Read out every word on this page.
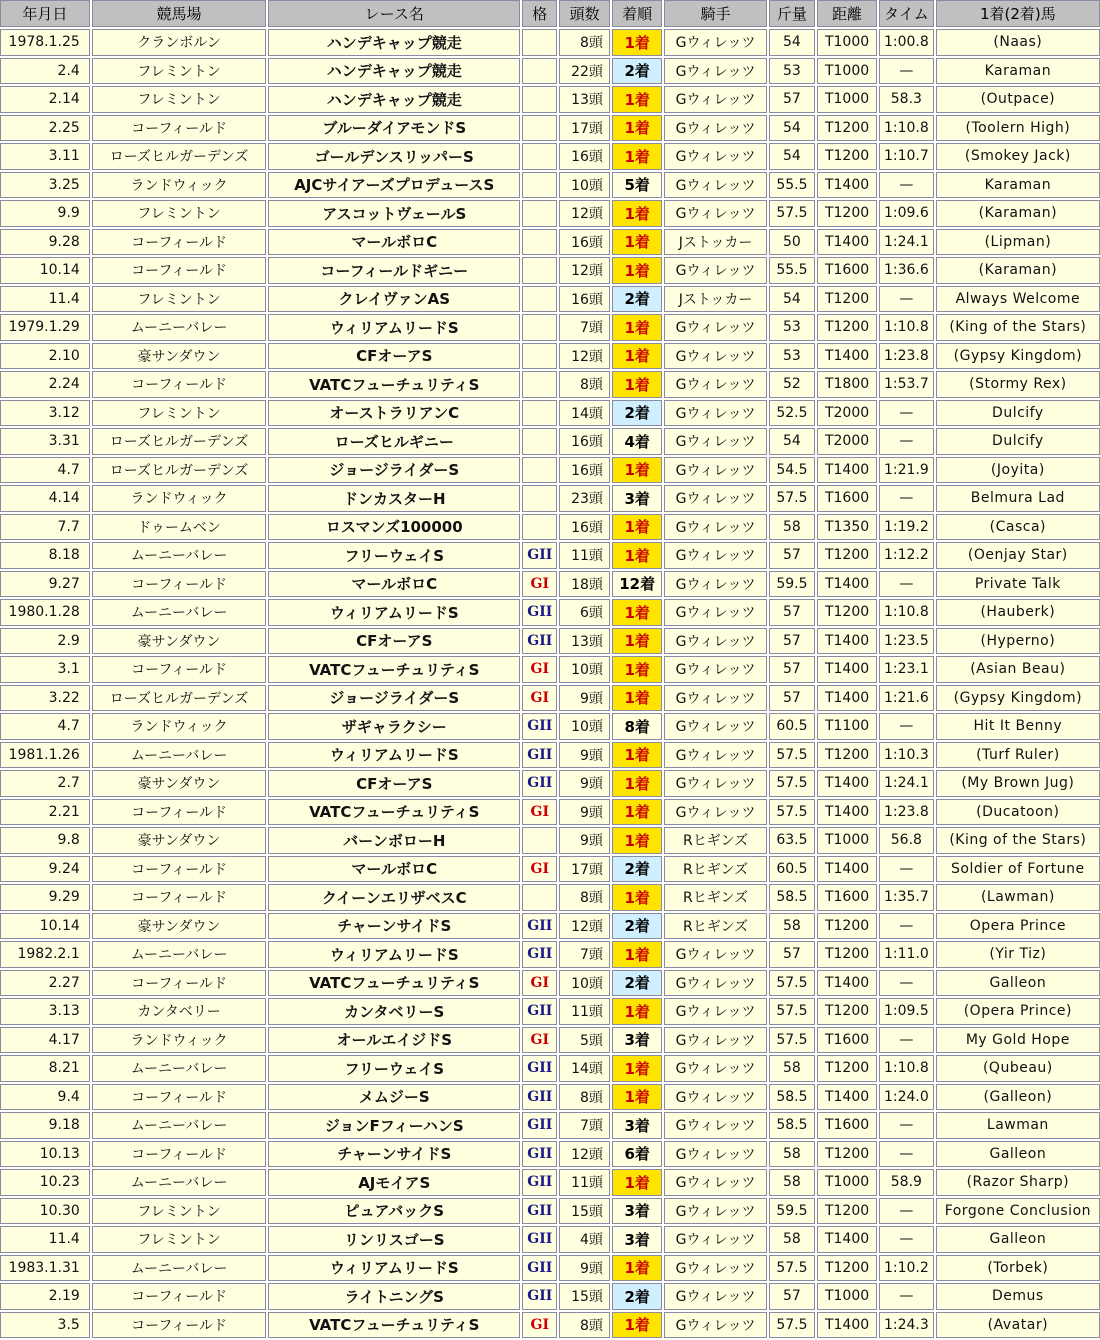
年月日	競馬場	レース名	格	頭数	着順	騎手	斤量	距離	タイム	1着(2着)馬
1978.1.25	クランボルン	ハンデキャップ競走		8頭	1着	Gウィレッツ	54	T1000	1:00.8	(Naas)
2.4	フレミントン	ハンデキャップ競走		22頭	2着	Gウィレッツ	53	T1000	—	Karaman
2.14	フレミントン	ハンデキャップ競走		13頭	1着	Gウィレッツ	57	T1000	58.3	(Outpace)
2.25	コーフィールド	ブルーダイアモンドS		17頭	1着	Gウィレッツ	54	T1200	1:10.8	(Toolern High)
3.11	ローズヒルガーデンズ	ゴールデンスリッパーS		16頭	1着	Gウィレッツ	54	T1200	1:10.7	(Smokey Jack)
3.25	ランドウィック	AJCサイアーズプロデュースS		10頭	5着	Gウィレッツ	55.5	T1400	—	Karaman
9.9	フレミントン	アスコットヴェールS		12頭	1着	Gウィレッツ	57.5	T1200	1:09.6	(Karaman)
9.28	コーフィールド	マールボロC		16頭	1着	Jストッカー	50	T1400	1:24.1	(Lipman)
10.14	コーフィールド	コーフィールドギニー		12頭	1着	Gウィレッツ	55.5	T1600	1:36.6	(Karaman)
11.4	フレミントン	クレイヴァンAS		16頭	2着	Jストッカー	54	T1200	—	Always Welcome
1979.1.29	ムーニーバレー	ウィリアムリードS		7頭	1着	Gウィレッツ	53	T1200	1:10.8	(King of the Stars)
2.10	豪サンダウン	CFオーアS		12頭	1着	Gウィレッツ	53	T1400	1:23.8	(Gypsy Kingdom)
2.24	コーフィールド	VATCフューチュリティS		8頭	1着	Gウィレッツ	52	T1800	1:53.7	(Stormy Rex)
3.12	フレミントン	オーストラリアンC		14頭	2着	Gウィレッツ	52.5	T2000	—	Dulcify
3.31	ローズヒルガーデンズ	ローズヒルギニー		16頭	4着	Gウィレッツ	54	T2000	—	Dulcify
4.7	ローズヒルガーデンズ	ジョージライダーS		16頭	1着	Gウィレッツ	54.5	T1400	1:21.9	(Joyita)
4.14	ランドウィック	ドンカスターH		23頭	3着	Gウィレッツ	57.5	T1600	—	Belmura Lad
7.7	ドゥームベン	ロスマンズ100000		16頭	1着	Gウィレッツ	58	T1350	1:19.2	(Casca)
8.18	ムーニーバレー	フリーウェイS	GII	11頭	1着	Gウィレッツ	57	T1200	1:12.2	(Oenjay Star)
9.27	コーフィールド	マールボロC	GI	18頭	12着	Gウィレッツ	59.5	T1400	—	Private Talk
1980.1.28	ムーニーバレー	ウィリアムリードS	GII	6頭	1着	Gウィレッツ	57	T1200	1:10.8	(Hauberk)
2.9	豪サンダウン	CFオーアS	GII	13頭	1着	Gウィレッツ	57	T1400	1:23.5	(Hyperno)
3.1	コーフィールド	VATCフューチュリティS	GI	10頭	1着	Gウィレッツ	57	T1400	1:23.1	(Asian Beau)
3.22	ローズヒルガーデンズ	ジョージライダーS	GI	9頭	1着	Gウィレッツ	57	T1400	1:21.6	(Gypsy Kingdom)
4.7	ランドウィック	ザギャラクシー	GII	10頭	8着	Gウィレッツ	60.5	T1100	—	Hit It Benny
1981.1.26	ムーニーバレー	ウィリアムリードS	GII	9頭	1着	Gウィレッツ	57.5	T1200	1:10.3	(Turf Ruler)
2.7	豪サンダウン	CFオーアS	GII	9頭	1着	Gウィレッツ	57.5	T1400	1:24.1	(My Brown Jug)
2.21	コーフィールド	VATCフューチュリティS	GI	9頭	1着	Gウィレッツ	57.5	T1400	1:23.8	(Ducatoon)
9.8	豪サンダウン	バーンボローH		9頭	1着	Rヒギンズ	63.5	T1000	56.8	(King of the Stars)
9.24	コーフィールド	マールボロC	GI	17頭	2着	Rヒギンズ	60.5	T1400	—	Soldier of Fortune
9.29	コーフィールド	クイーンエリザベスC		8頭	1着	Rヒギンズ	58.5	T1600	1:35.7	(Lawman)
10.14	豪サンダウン	チャーンサイドS	GII	12頭	2着	Rヒギンズ	58	T1200	—	Opera Prince
1982.2.1	ムーニーバレー	ウィリアムリードS	GII	7頭	1着	Gウィレッツ	57	T1200	1:11.0	(Yir Tiz)
2.27	コーフィールド	VATCフューチュリティS	GI	10頭	2着	Gウィレッツ	57.5	T1400	—	Galleon
3.13	カンタベリー	カンタベリーS	GII	11頭	1着	Gウィレッツ	57.5	T1200	1:09.5	(Opera Prince)
4.17	ランドウィック	オールエイジドS	GI	5頭	3着	Gウィレッツ	57.5	T1600	—	My Gold Hope
8.21	ムーニーバレー	フリーウェイS	GII	14頭	1着	Gウィレッツ	58	T1200	1:10.8	(Qubeau)
9.4	コーフィールド	メムジーS	GII	8頭	1着	Gウィレッツ	58.5	T1400	1:24.0	(Galleon)
9.18	ムーニーバレー	ジョンFフィーハンS	GII	7頭	3着	Gウィレッツ	58.5	T1600	—	Lawman
10.13	コーフィールド	チャーンサイドS	GII	12頭	6着	Gウィレッツ	58	T1200	—	Galleon
10.23	ムーニーバレー	AJモイアS	GII	11頭	1着	Gウィレッツ	58	T1000	58.9	(Razor Sharp)
10.30	フレミントン	ピュアバックS	GII	15頭	3着	Gウィレッツ	59.5	T1200	—	Forgone Conclusion
11.4	フレミントン	リンリスゴーS	GII	4頭	3着	Gウィレッツ	58	T1400	—	Galleon
1983.1.31	ムーニーバレー	ウィリアムリードS	GII	9頭	1着	Gウィレッツ	57.5	T1200	1:10.2	(Torbek)
2.19	コーフィールド	ライトニングS	GII	15頭	2着	Gウィレッツ	57	T1000	—	Demus
3.5	コーフィールド	VATCフューチュリティS	GI	8頭	1着	Gウィレッツ	57.5	T1400	1:24.3	(Avatar)
